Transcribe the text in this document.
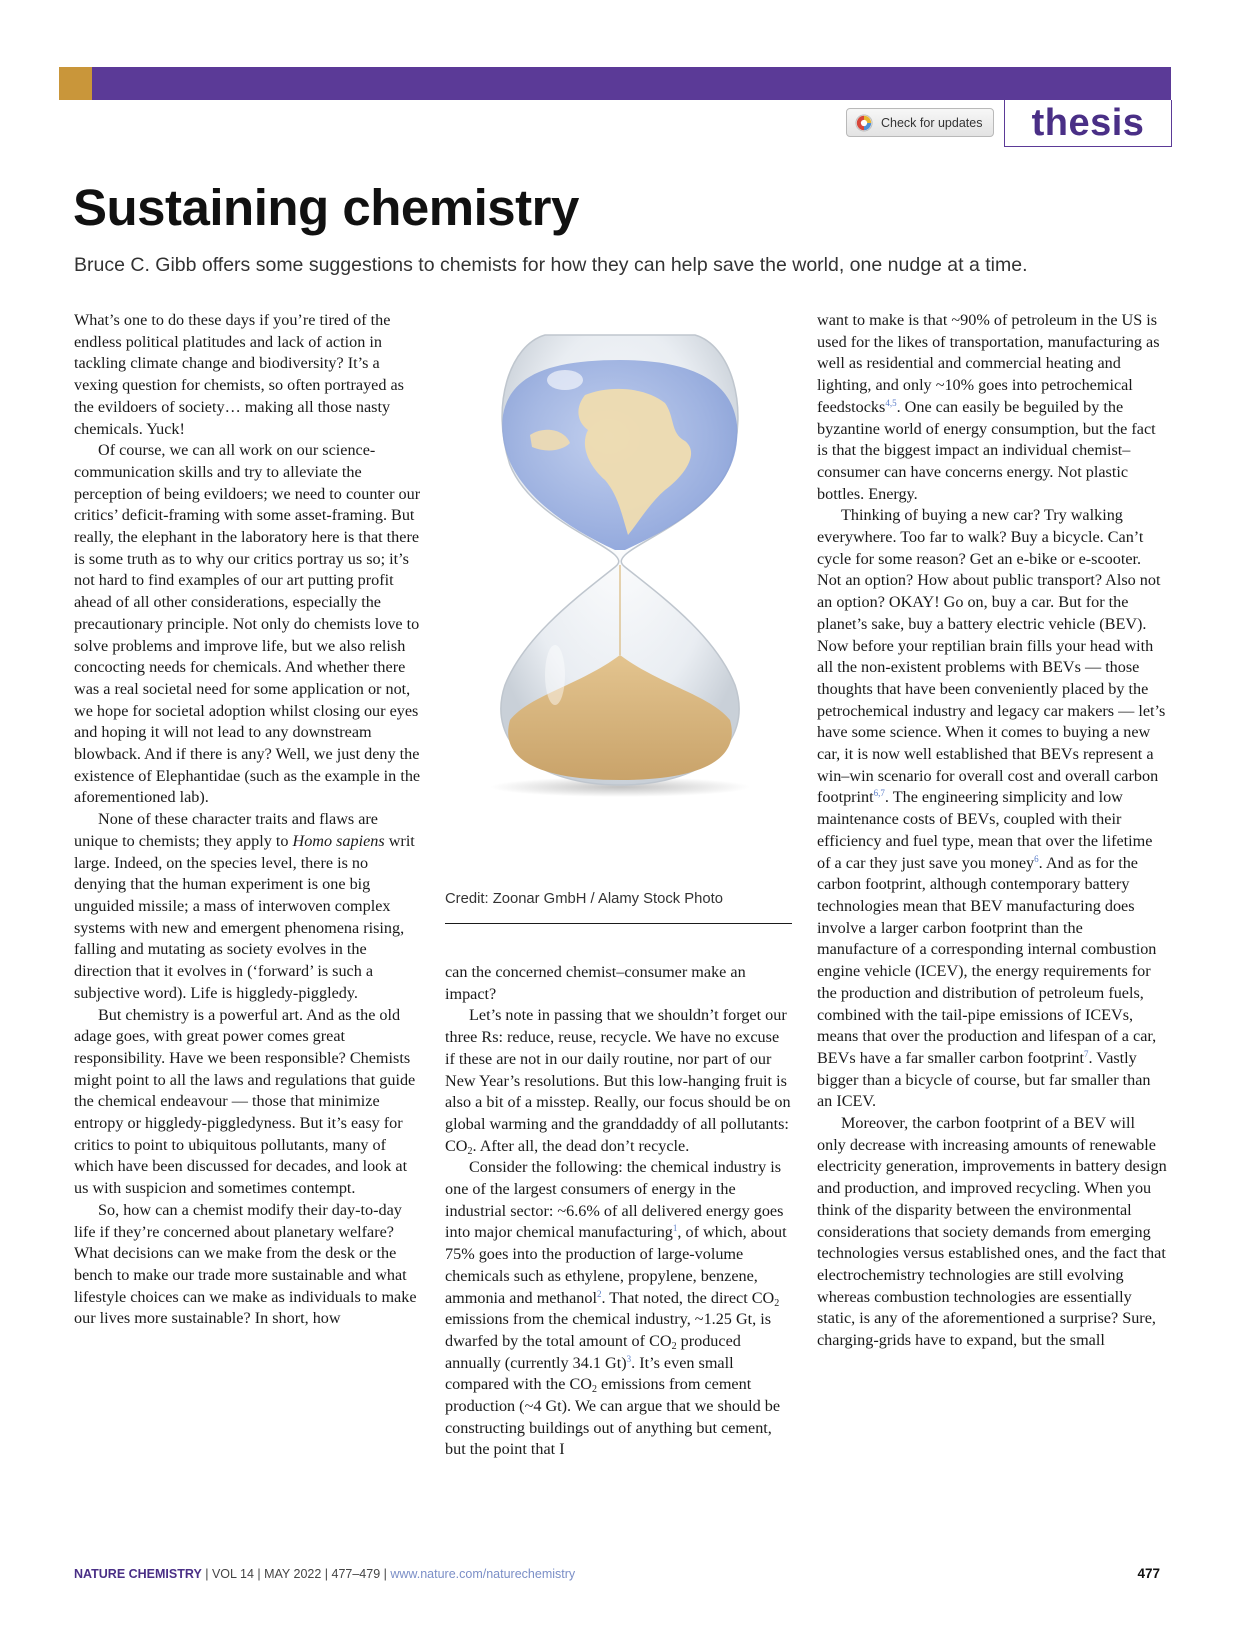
Check for updates thesis
Sustaining chemistry
Bruce C. Gibb offers some suggestions to chemists for how they can help save the world, one nudge at a time.

What’s one to do these days if you’re tired of the endless political platitudes and lack of action in tackling climate change and biodiversity? It’s a vexing question for chemists, so often portrayed as the evildoers of society… making all those nasty chemicals. Yuck!

Of course, we can all work on our science-communication skills and try to alleviate the perception of being evildoers; we need to counter our critics’ deficit-framing with some asset-framing. But really, the elephant in the laboratory here is that there is some truth as to why our critics portray us so; it’s not hard to find examples of our art putting profit ahead of all other considerations, especially the precautionary principle. Not only do chemists love to solve problems and improve life, but we also relish concocting needs for chemicals. And whether there was a real societal need for some application or not, we hope for societal adoption whilst closing our eyes and hoping it will not lead to any downstream blowback. And if there is any? Well, we just deny the existence of Elephantidae (such as the example in the aforementioned lab).

None of these character traits and flaws are unique to chemists; they apply to Homo sapiens writ large. Indeed, on the species level, there is no denying that the human experiment is one big unguided missile; a mass of interwoven complex systems with new and emergent phenomena rising, falling and mutating as society evolves in the direction that it evolves in (‘forward’ is such a subjective word). Life is higgledy-piggledy.

But chemistry is a powerful art. And as the old adage goes, with great power comes great responsibility. Have we been responsible? Chemists might point to all the laws and regulations that guide the chemical endeavour — those that minimize entropy or higgledy-piggledyness. But it’s easy for critics to point to ubiquitous pollutants, many of which have been discussed for decades, and look at us with suspicion and sometimes contempt.

So, how can a chemist modify their day-to-day life if they’re concerned about planetary welfare? What decisions can we make from the desk or the bench to make our trade more sustainable and what lifestyle choices can we make as individuals to make our lives more sustainable? In short, how

Credit: Zoonar GmbH / Alamy Stock Photo

can the concerned chemist–consumer make an impact?

Let’s note in passing that we shouldn’t forget our three Rs: reduce, reuse, recycle. We have no excuse if these are not in our daily routine, nor part of our New Year’s resolutions. But this low-hanging fruit is also a bit of a misstep. Really, our focus should be on global warming and the granddaddy of all pollutants: $CO_2$. After all, the dead don’t recycle.

Consider the following: the chemical industry is one of the largest consumers of energy in the industrial sector: ~6.6% of all delivered energy goes into major chemical manufacturing$^1$, of which, about 75% goes into the production of large-volume chemicals such as ethylene, propylene, benzene, ammonia and methanol$^2$. That noted, the direct $CO_2$ emissions from the chemical industry, ~1.25 Gt, is dwarfed by the total amount of $CO_2$ produced annually (currently 34.1 Gt)$^3$. It’s even small compared with the $CO_2$ emissions from cement production (~4 Gt). We can argue that we should be constructing buildings out of anything but cement, but the point that I

want to make is that ~90% of petroleum in the US is used for the likes of transportation, manufacturing as well as residential and commercial heating and lighting, and only ~10% goes into petrochemical feedstocks$^{4,5}$. One can easily be beguiled by the byzantine world of energy consumption, but the fact is that the biggest impact an individual chemist–consumer can have concerns energy. Not plastic bottles. Energy.

Thinking of buying a new car? Try walking everywhere. Too far to walk? Buy a bicycle. Can’t cycle for some reason? Get an e-bike or e-scooter. Not an option? How about public transport? Also not an option? OKAY! Go on, buy a car. But for the planet’s sake, buy a battery electric vehicle (BEV). Now before your reptilian brain fills your head with all the non-existent problems with BEVs — those thoughts that have been conveniently placed by the petrochemical industry and legacy car makers — let’s have some science. When it comes to buying a new car, it is now well established that BEVs represent a win–win scenario for overall cost and overall carbon footprint$^{6,7}$. The engineering simplicity and low maintenance costs of BEVs, coupled with their efficiency and fuel type, mean that over the lifetime of a car they just save you money$^6$. And as for the carbon footprint, although contemporary battery technologies mean that BEV manufacturing does involve a larger carbon footprint than the manufacture of a corresponding internal combustion engine vehicle (ICEV), the energy requirements for the production and distribution of petroleum fuels, combined with the tail-pipe emissions of ICEVs, means that over the production and lifespan of a car, BEVs have a far smaller carbon footprint$^7$. Vastly bigger than a bicycle of course, but far smaller than an ICEV.

Moreover, the carbon footprint of a BEV will only decrease with increasing amounts of renewable electricity generation, improvements in battery design and production, and improved recycling. When you think of the disparity between the environmental considerations that society demands from emerging technologies versus established ones, and the fact that electrochemistry technologies are still evolving whereas combustion technologies are essentially static, is any of the aforementioned a surprise? Sure, charging-grids have to expand, but the small

NATURE CHEMISTRY | VOL 14 | MAY 2022 | 477–479 | www.nature.com/naturechemistry	477
